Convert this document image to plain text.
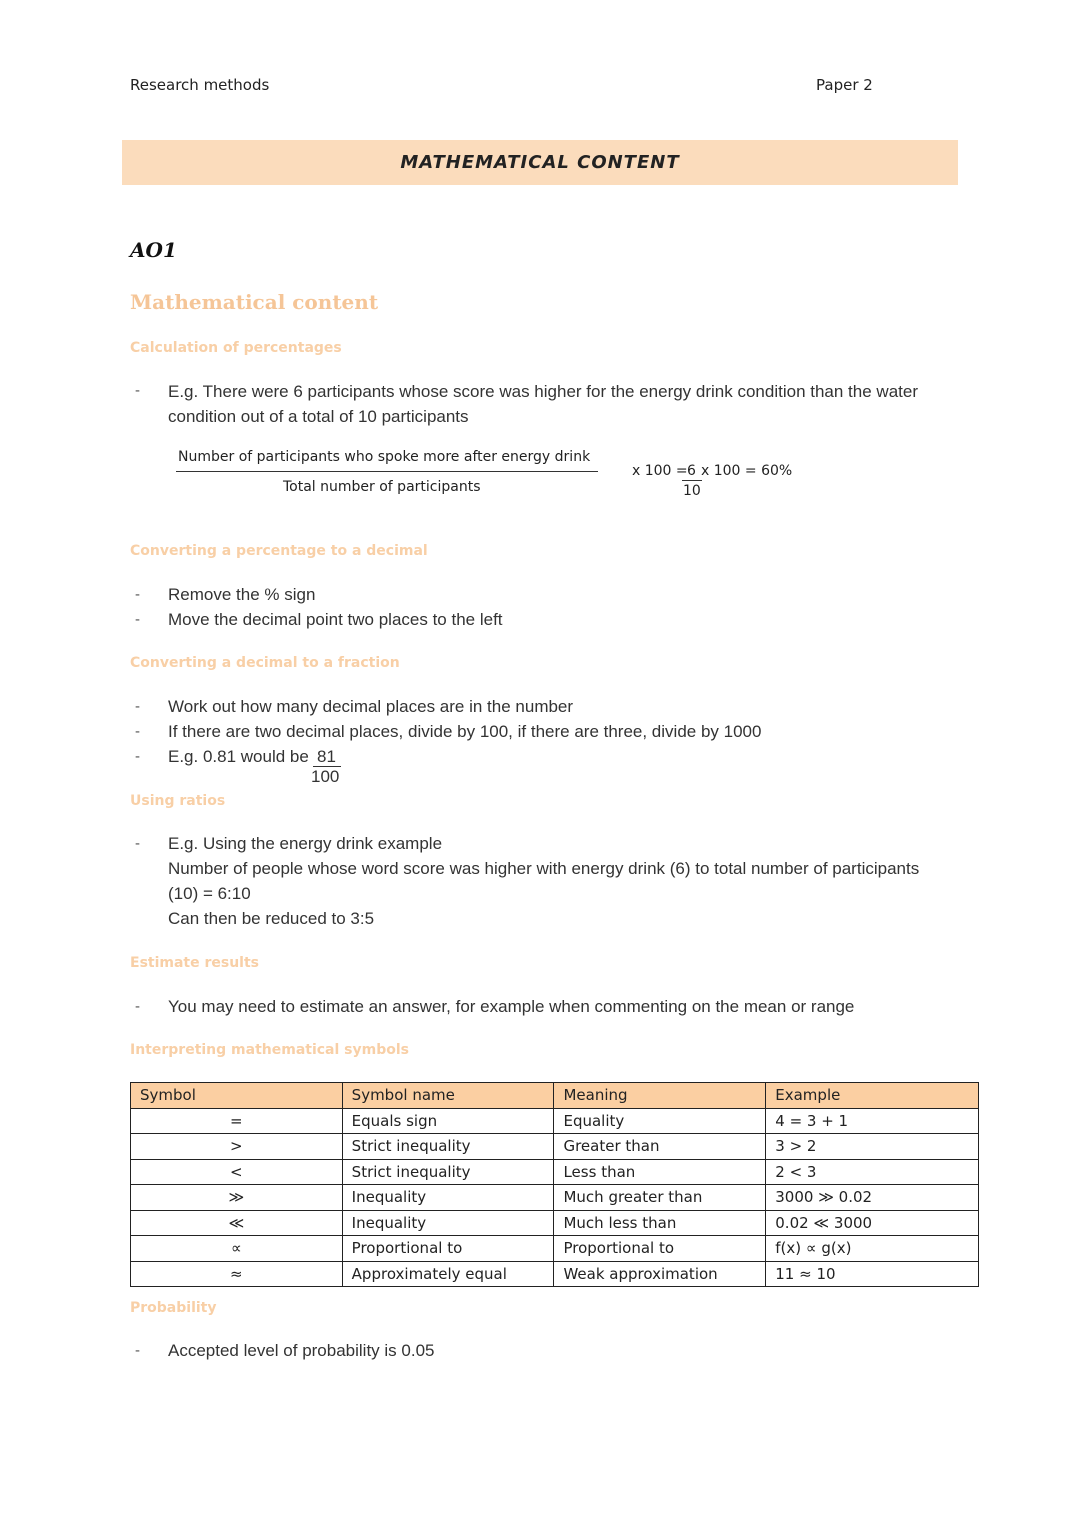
Research methods	Paper 2
MATHEMATICAL CONTENT
AO1
Mathematical content
Calculation of percentages
- E.g. There were 6 participants whose score was higher for the energy drink condition than the water
condition out of a total of 10 participants
Number of participants who spoke more after energy drink
Total number of participants
x 100 = 6 x 100 = 60%
10
Converting a percentage to a decimal
- Remove the % sign
- Move the decimal point two places to the left
Converting a decimal to a fraction
- Work out how many decimal places are in the number
- If there are two decimal places, divide by 100, if there are three, divide by 1000
- E.g. 0.81 would be 81
100
Using ratios
- E.g. Using the energy drink example
Number of people whose word score was higher with energy drink (6) to total number of participants
(10) = 6:10
Can then be reduced to 3:5
Estimate results
- You may need to estimate an answer, for example when commenting on the mean or range
Interpreting mathematical symbols
Symbol	Symbol name	Meaning	Example
=	Equals sign	Equality	4 = 3 + 1
>	Strict inequality	Greater than	3 > 2
<	Strict inequality	Less than	2 < 3
≫	Inequality	Much greater than	3000 ≫ 0.02
≪	Inequality	Much less than	0.02 ≪ 3000
∝	Proportional to	Proportional to	f(x) ∝ g(x)
≈	Approximately equal	Weak approximation	11 ≈ 10
Probability
- Accepted level of probability is 0.05
